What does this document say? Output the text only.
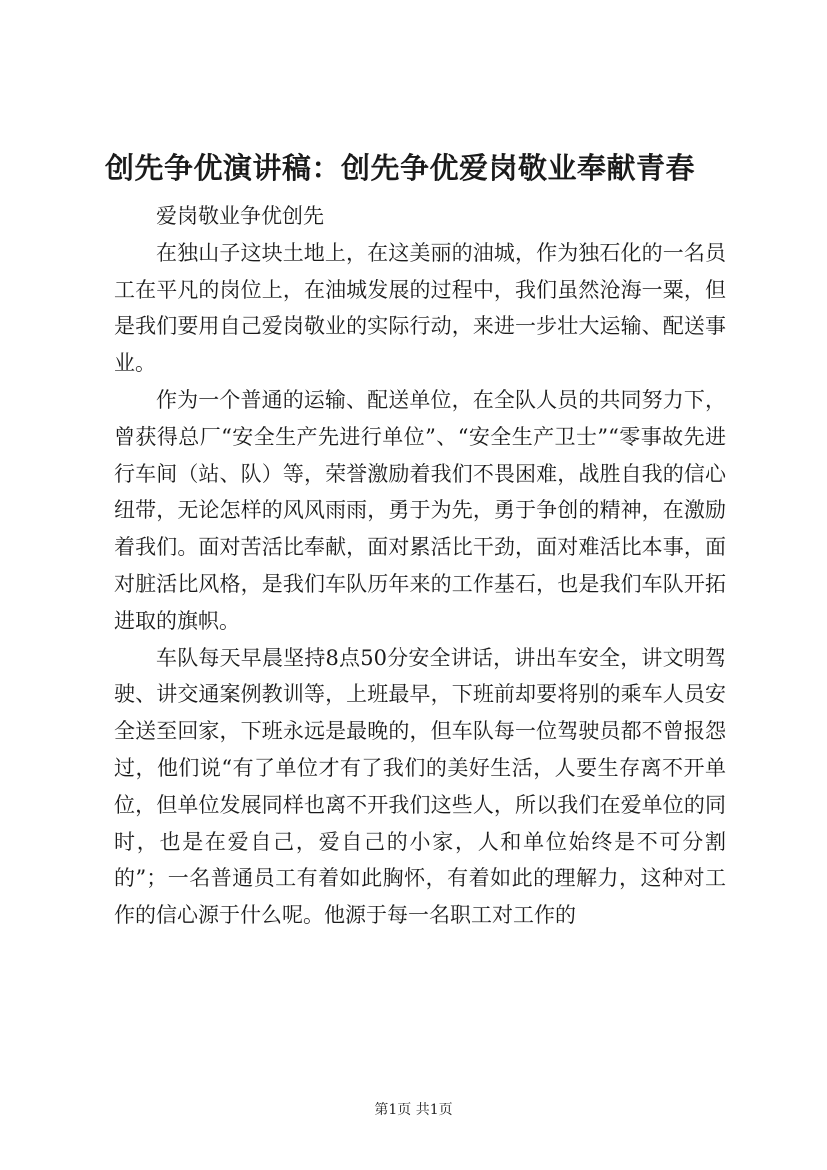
创先争优演讲稿：创先争优爱岗敬业奉献青春

爱岗敬业争优创先

在独山子这块土地上，在这美丽的油城，作为独石化的一名员工在平凡的岗位上，在油城发展的过程中，我们虽然沧海一粟，但是我们要用自己爱岗敬业的实际行动，来进一步壮大运输、配送事业。

作为一个普通的运输、配送单位，在全队人员的共同努力下，曾获得总厂“安全生产先进行单位”、“安全生产卫士”“零事故先进行车间（站、队）等，荣誉激励着我们不畏困难，战胜自我的信心纽带，无论怎样的风风雨雨，勇于为先，勇于争创的精神，在激励着我们。面对苦活比奉献，面对累活比干劲，面对难活比本事，面对脏活比风格，是我们车队历年来的工作基石，也是我们车队开拓进取的旗帜。

车队每天早晨坚持8点50分安全讲话，讲出车安全，讲文明驾驶、讲交通案例教训等，上班最早，下班前却要将别的乘车人员安全送至回家，下班永远是最晚的，但车队每一位驾驶员都不曾报怨过，他们说“有了单位才有了我们的美好生活，人要生存离不开单位，但单位发展同样也离不开我们这些人，所以我们在爱单位的同时，也是在爱自己，爱自己的小家，人和单位始终是不可分割的”；一名普通员工有着如此胸怀，有着如此的理解力，这种对工作的信心源于什么呢。他源于每一名职工对工作的

第1页 共1页
